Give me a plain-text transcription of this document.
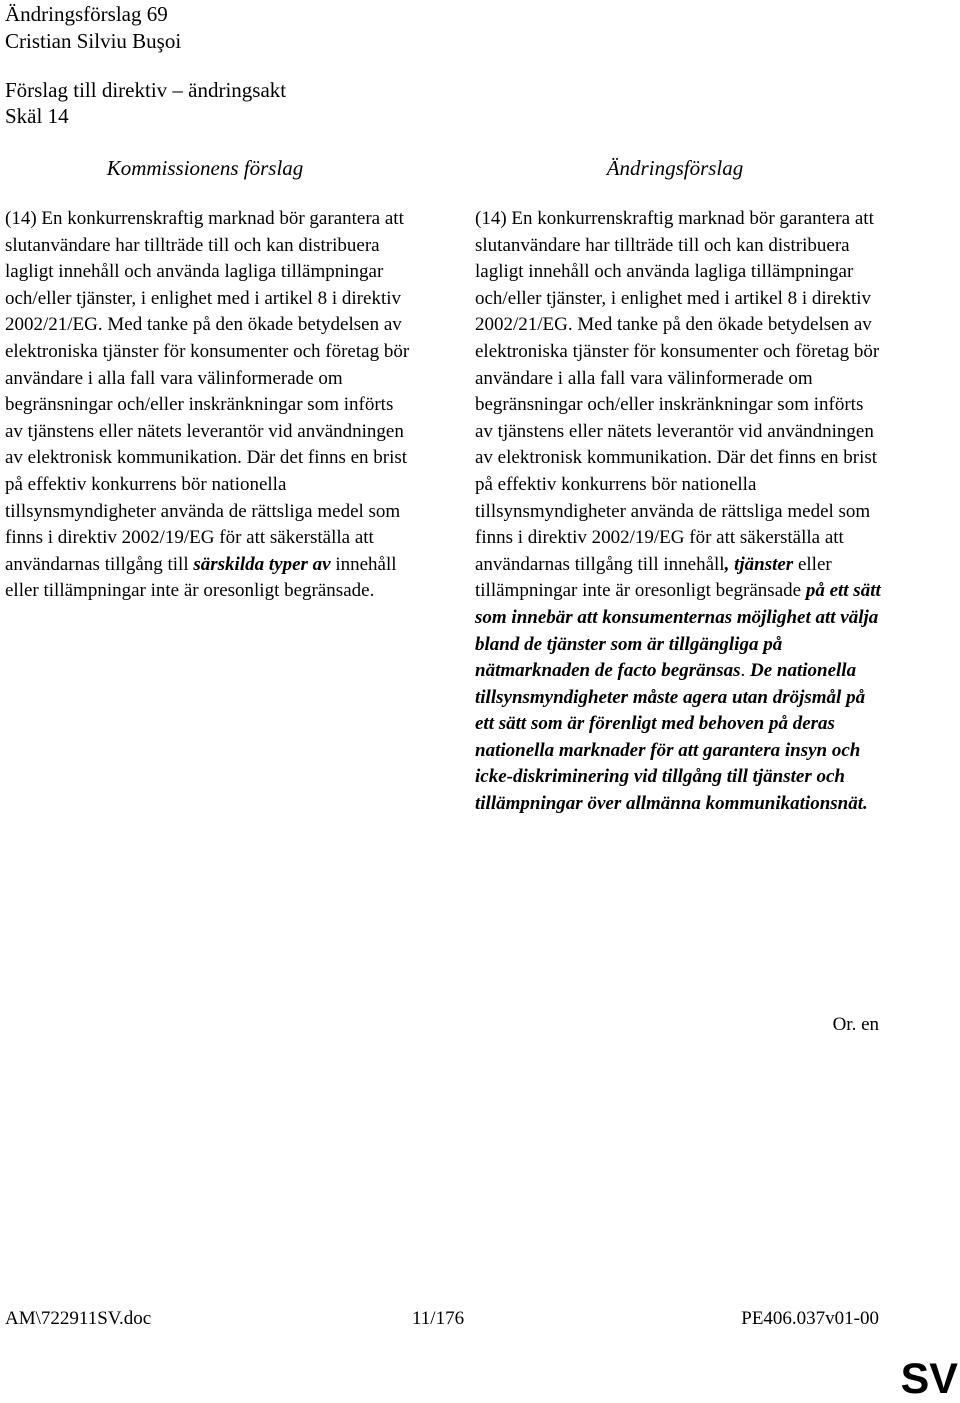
Ändringsförslag 69
Cristian Silviu Buşoi
Förslag till direktiv – ändringsakt
Skäl 14
Kommissionens förslag	Ändringsförslag

(14) En konkurrenskraftig marknad bör garantera att slutanvändare har tillträde till och kan distribuera lagligt innehåll och använda lagliga tillämpningar och/eller tjänster, i enlighet med i artikel 8 i direktiv 2002/21/EG. Med tanke på den ökade betydelsen av elektroniska tjänster för konsumenter och företag bör användare i alla fall vara välinformerade om begränsningar och/eller inskränkningar som införts av tjänstens eller nätets leverantör vid användningen av elektronisk kommunikation. Där det finns en brist på effektiv konkurrens bör nationella tillsynsmyndigheter använda de rättsliga medel som finns i direktiv 2002/19/EG för att säkerställa att användarnas tillgång till särskilda typer av innehåll eller tillämpningar inte är oresonligt begränsade.

(14) En konkurrenskraftig marknad bör garantera att slutanvändare har tillträde till och kan distribuera lagligt innehåll och använda lagliga tillämpningar och/eller tjänster, i enlighet med i artikel 8 i direktiv 2002/21/EG. Med tanke på den ökade betydelsen av elektroniska tjänster för konsumenter och företag bör användare i alla fall vara välinformerade om begränsningar och/eller inskränkningar som införts av tjänstens eller nätets leverantör vid användningen av elektronisk kommunikation. Där det finns en brist på effektiv konkurrens bör nationella tillsynsmyndigheter använda de rättsliga medel som finns i direktiv 2002/19/EG för att säkerställa att användarnas tillgång till innehåll, tjänster eller tillämpningar inte är oresonligt begränsade på ett sätt som innebär att konsumenternas möjlighet att välja bland de tjänster som är tillgängliga på nätmarknaden de facto begränsas. De nationella tillsynsmyndigheter måste agera utan dröjsmål på ett sätt som är förenligt med behoven på deras nationella marknader för att garantera insyn och icke-diskriminering vid tillgång till tjänster och tillämpningar över allmänna kommunikationsnät.

Or. en
AM\722911SV.doc	11/176	PE406.037v01-00
SV
